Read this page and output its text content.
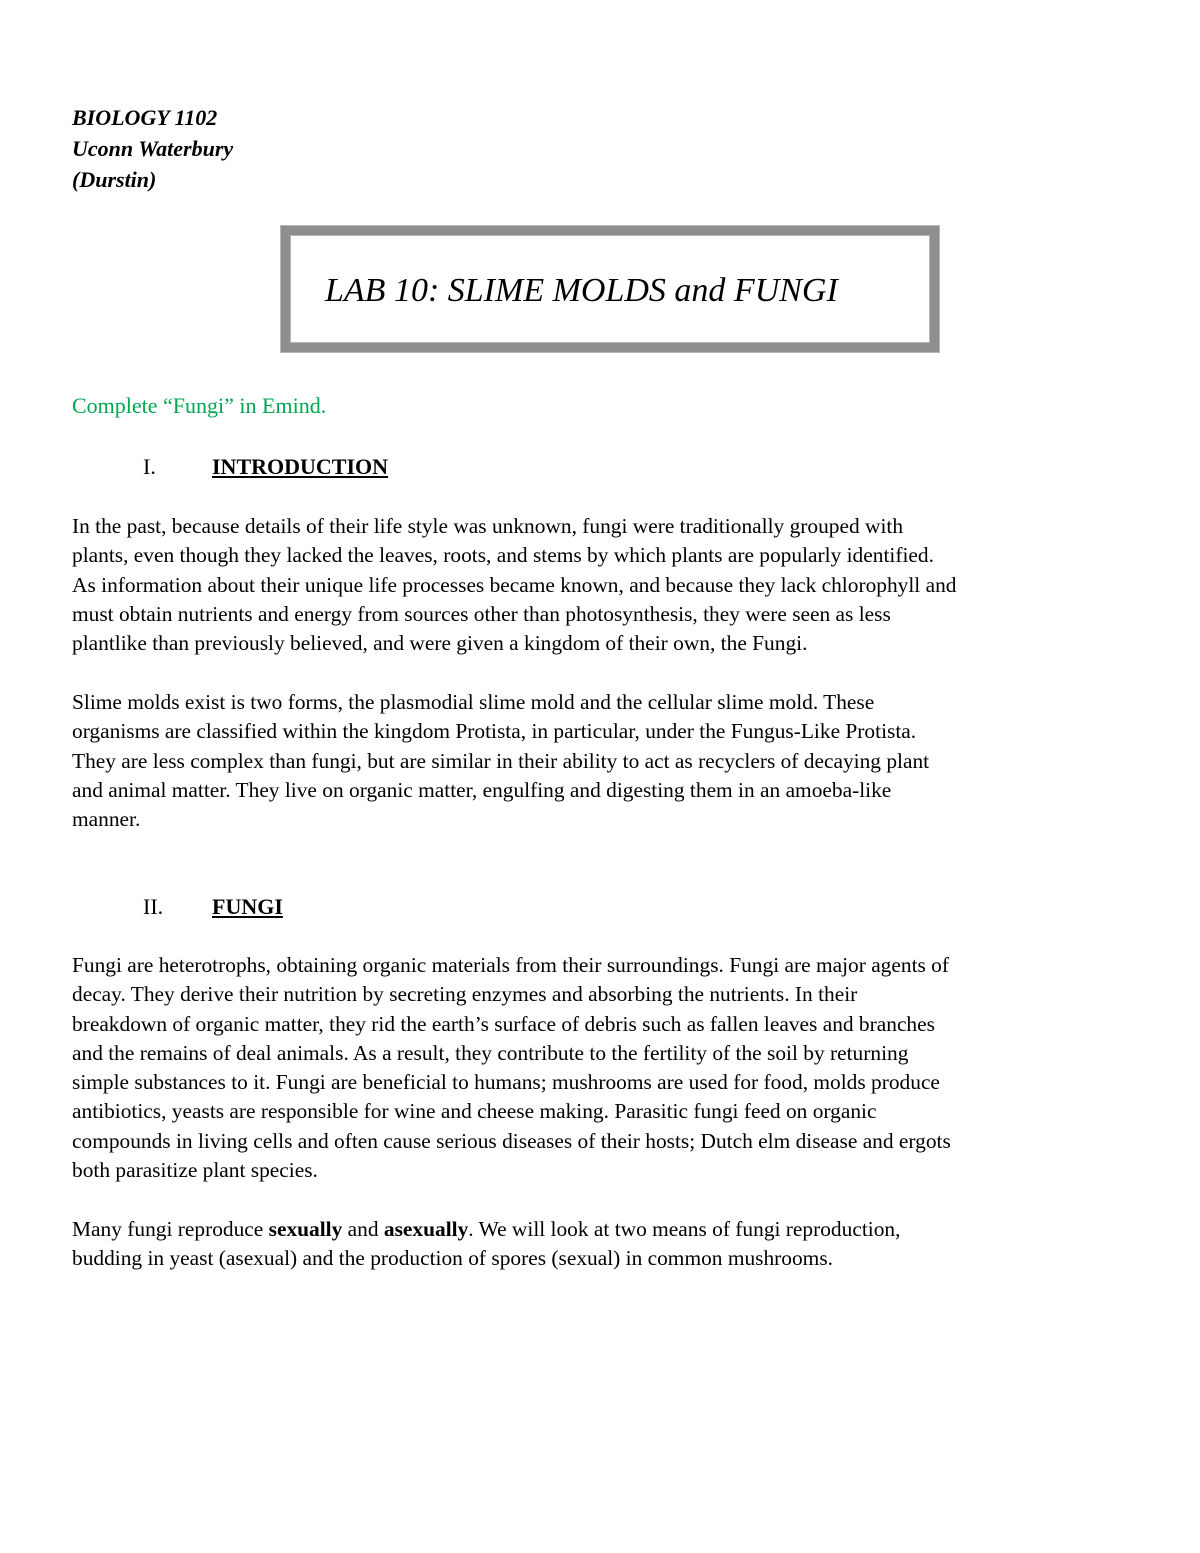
BIOLOGY 1102
Uconn Waterbury
(Durstin)
LAB 10: SLIME MOLDS and FUNGI
Complete “Fungi” in Emind.
I.	INTRODUCTION
In the past, because details of their life style was unknown, fungi were traditionally grouped with
plants, even though they lacked the leaves, roots, and stems by which plants are popularly identified.
As information about their unique life processes became known, and because they lack chlorophyll and
must obtain nutrients and energy from sources other than photosynthesis, they were seen as less
plantlike than previously believed, and were given a kingdom of their own, the Fungi.
Slime molds exist is two forms, the plasmodial slime mold and the cellular slime mold. These
organisms are classified within the kingdom Protista, in particular, under the Fungus-Like Protista.
They are less complex than fungi, but are similar in their ability to act as recyclers of decaying plant
and animal matter. They live on organic matter, engulfing and digesting them in an amoeba-like
manner.
II. FUNGI
Fungi are heterotrophs, obtaining organic materials from their surroundings. Fungi are major agents of
decay. They derive their nutrition by secreting enzymes and absorbing the nutrients. In their
breakdown of organic matter, they rid the earth’s surface of debris such as fallen leaves and branches
and the remains of deal animals. As a result, they contribute to the fertility of the soil by returning
simple substances to it. Fungi are beneficial to humans; mushrooms are used for food, molds produce
antibiotics, yeasts are responsible for wine and cheese making. Parasitic fungi feed on organic
compounds in living cells and often cause serious diseases of their hosts; Dutch elm disease and ergots
both parasitize plant species.
Many fungi reproduce sexually and asexually. We will look at two means of fungi reproduction,
budding in yeast (asexual) and the production of spores (sexual) in common mushrooms.
